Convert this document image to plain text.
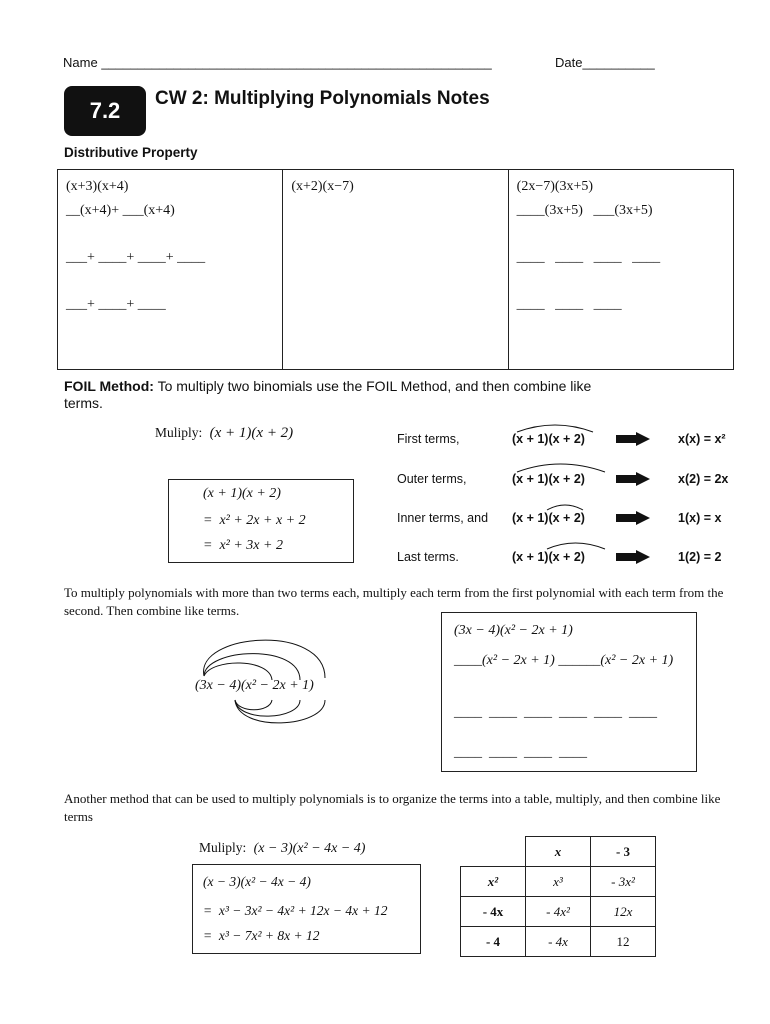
Name ______________________________________________________	Date__________
7.2	CW 2: Multiplying Polynomials Notes
Distributive Property
(x+3)(x+4)
__(x+4)+ ___(x+4)
___+ ____+ ____+ ____
___+ ____+ ____
(x+2)(x−7)	(2x−7)(3x+5)
____(3x+5)   ___(3x+5)
____   ____   ____   ____
____   ____   ____
FOIL Method: To multiply two binomials use the FOIL Method, and then combine like terms.
Muliply: (x + 1)(x + 2)
(x + 1)(x + 2)
=  x² + 2x + x + 2
=  x² + 3x + 2
First terms,	(x + 1)(x + 2)	x(x) = x²
Outer terms,	(x + 1)(x + 2)	x(2) = 2x
Inner terms, and (x + 1)(x + 2)	1(x) = x
Last terms.	(x + 1)(x + 2)	1(2) = 2
To multiply polynomials with more than two terms each, multiply each term from the first polynomial with each term from the second. Then combine like terms.
(3x − 4)(x² − 2x + 1)
(3x − 4)(x² − 2x + 1)
____(x² − 2x + 1) ______(x² − 2x + 1)
____  ____  ____  ____  ____  ____
____  ____  ____  ____
Another method that can be used to multiply polynomials is to organize the terms into a table, multiply, and then combine like terms
Muliply: (x − 3)(x² − 4x − 4)
(x − 3)(x² − 4x − 4)
=  x³ − 3x² − 4x² + 12x − 4x + 12
=  x³ − 7x² + 8x + 12
	x	- 3
x²	x³	- 3x²
- 4x	- 4x²	12x
- 4	- 4x	12
